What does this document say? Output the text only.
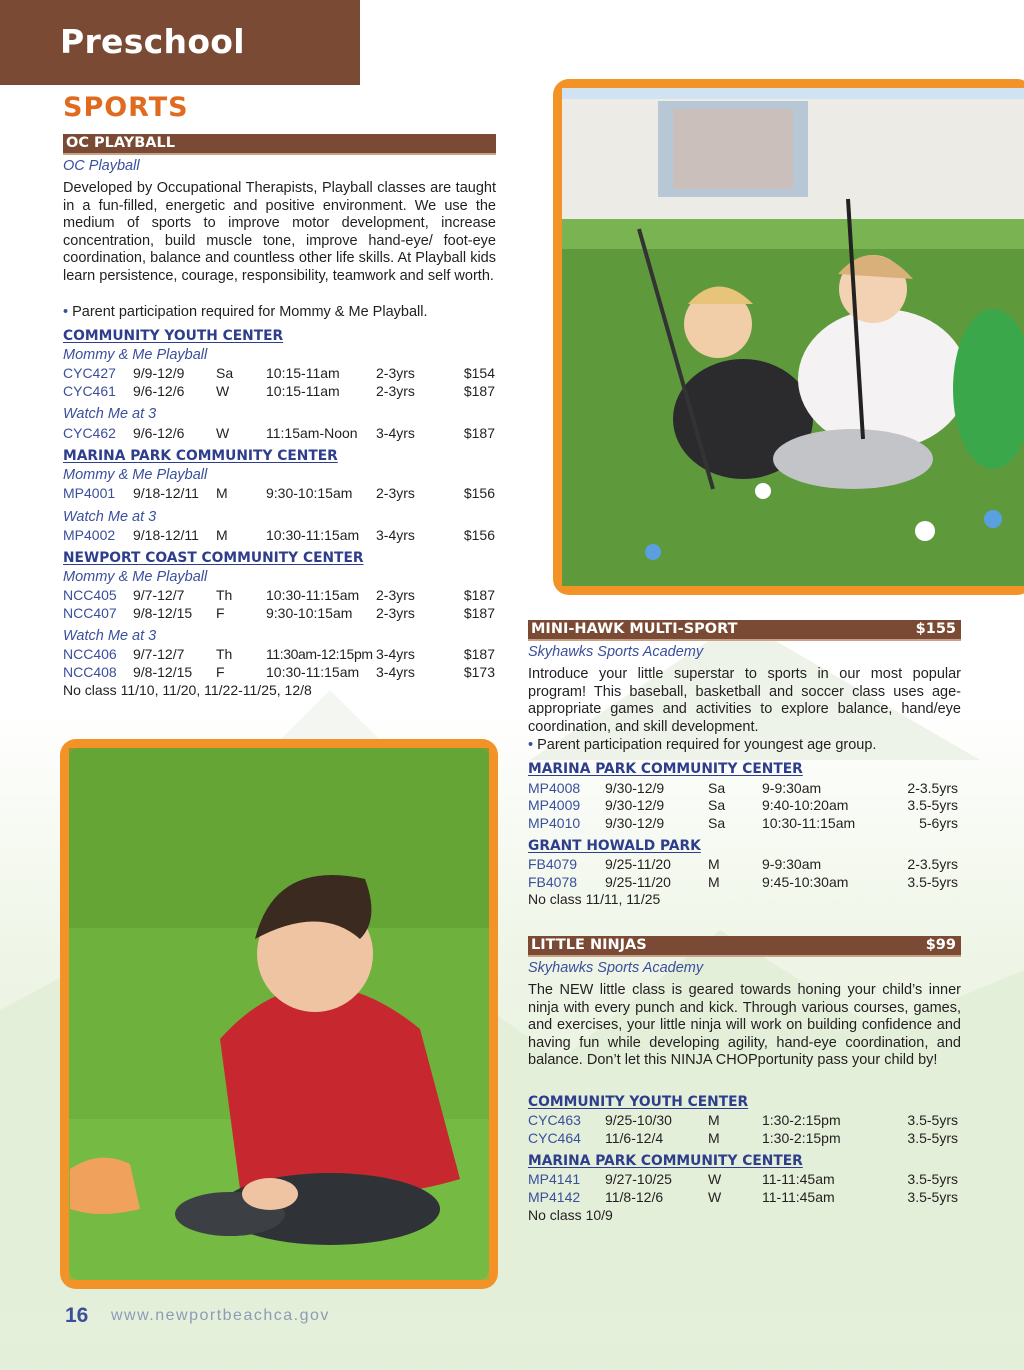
Preschool
SPORTS
OC PLAYBALL
OC Playball
Developed by Occupational Therapists, Playball classes are taught in a fun-filled, energetic and positive environment. We use the medium of sports to improve motor development, increase concentration, build muscle tone, improve hand-eye/ foot-eye coordination, balance and countless other life skills. At Playball kids learn persistence, courage, responsibility, teamwork and self worth.
• Parent participation required for Mommy & Me Playball.
COMMUNITY YOUTH CENTER
Mommy & Me Playball
CYC427 9/9-12/9 Sa 10:15-11am	2-3yrs	$154
CYC461 9/6-12/6 W	10:15-11am	2-3yrs	$187
Watch Me at 3
CYC462 9/6-12/6 W	11:15am-Noon 3-4yrs	$187
MARINA PARK COMMUNITY CENTER
Mommy & Me Playball
MP4001 9/18-12/11 M	9:30-10:15am 2-3yrs	$156
Watch Me at 3
MP4002 9/18-12/11 M	10:30-11:15am 3-4yrs	$156
NEWPORT COAST COMMUNITY CENTER
Mommy & Me Playball
NCC405 9/7-12/7 Th 10:30-11:15am 2-3yrs	$187
NCC407 9/8-12/15 F	9:30-10:15am 2-3yrs	$187
Watch Me at 3
NCC406 9/7-12/7 Th 11:30am-12:15pm 3-4yrs	$187
NCC408 9/8-12/15 F	10:30-11:15am 3-4yrs	$173
No class 11/10, 11/20, 11/22-11/25, 12/8
MINI-HAWK MULTI-SPORT	$155
Skyhawks Sports Academy
Introduce your little superstar to sports in our most popular program! This baseball, basketball and soccer class uses age-appropriate games and activities to explore balance, hand/eye coordination, and skill development.
• Parent participation required for youngest age group.
MARINA PARK COMMUNITY CENTER
MP4008 9/30-12/9	Sa	9-9:30am	2-3.5yrs
MP4009 9/30-12/9	Sa	9:40-10:20am	3.5-5yrs
MP4010 9/30-12/9	Sa	10:30-11:15am	5-6yrs
GRANT HOWALD PARK
FB4079 9/25-11/20	M	9-9:30am	2-3.5yrs
FB4078 9/25-11/20	M	9:45-10:30am	3.5-5yrs
No class 11/11, 11/25
LITTLE NINJAS	$99
Skyhawks Sports Academy
The NEW little class is geared towards honing your child’s inner ninja with every punch and kick. Through various courses, games, and exercises, your little ninja will work on building confidence and having fun while developing agility, hand-eye coordination, and balance. Don’t let this NINJA CHOPportunity pass your child by!
COMMUNITY YOUTH CENTER
CYC463 9/25-10/30	M	1:30-2:15pm	3.5-5yrs
CYC464 11/6-12/4	M	1:30-2:15pm	3.5-5yrs
MARINA PARK COMMUNITY CENTER
MP4141 9/27-10/25	W	11-11:45am	3.5-5yrs
MP4142 11/8-12/6	W	11-11:45am	3.5-5yrs
No class 10/9
16 www.newportbeachca.gov
